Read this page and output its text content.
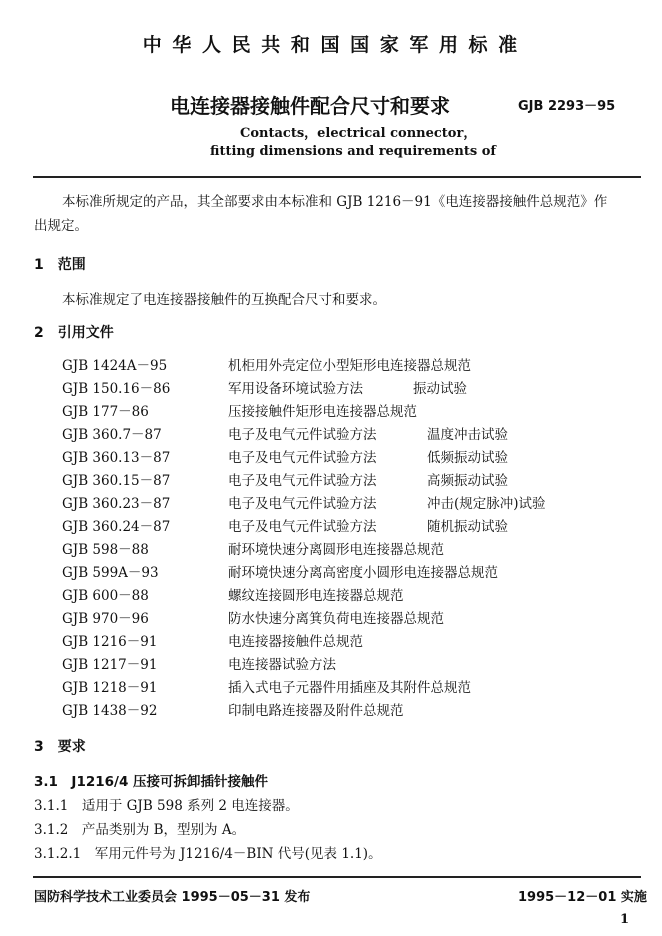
中 华 人 民 共 和 国 国 家 军 用 标 准
电连接器接触件配合尺寸和要求	GJB 2293－95
Contacts，electrical connector，
fitting dimensions and requirements of
本标准所规定的产品，其全部要求由本标准和 GJB 1216－91《电连接器接触件总规范》作
出规定。
1　范围
本标准规定了电连接器接触件的互换配合尺寸和要求。
2　引用文件
GJB 1424A－95	机柜用外壳定位小型矩形电连接器总规范
GJB 150.16－86	军用设备环境试验方法	振动试验
GJB 177－86	压接接触件矩形电连接器总规范
GJB 360.7－87	电子及电气元件试验方法	温度冲击试验
GJB 360.13－87	电子及电气元件试验方法	低频振动试验
GJB 360.15－87	电子及电气元件试验方法	高频振动试验
GJB 360.23－87	电子及电气元件试验方法	冲击(规定脉冲)试验
GJB 360.24－87	电子及电气元件试验方法	随机振动试验
GJB 598－88	耐环境快速分离圆形电连接器总规范
GJB 599A－93	耐环境快速分离高密度小圆形电连接器总规范
GJB 600－88	螺纹连接圆形电连接器总规范
GJB 970－96	防水快速分离箕负荷电连接器总规范
GJB 1216－91	电连接器接触件总规范
GJB 1217－91	电连接器试验方法
GJB 1218－91	插入式电子元器件用插座及其附件总规范
GJB 1438－92	印制电路连接器及附件总规范
3　要求
3.1　J1216/4 压接可拆卸插针接触件
3.1.1　适用于 GJB 598 系列 2 电连接器。
3.1.2　产品类别为 B，型别为 A。
3.1.2.1　军用元件号为 J1216/4－BIN 代号(见表 1.1)。
国防科学技术工业委员会 1995－05－31 发布	1995－12－01 实施
1
